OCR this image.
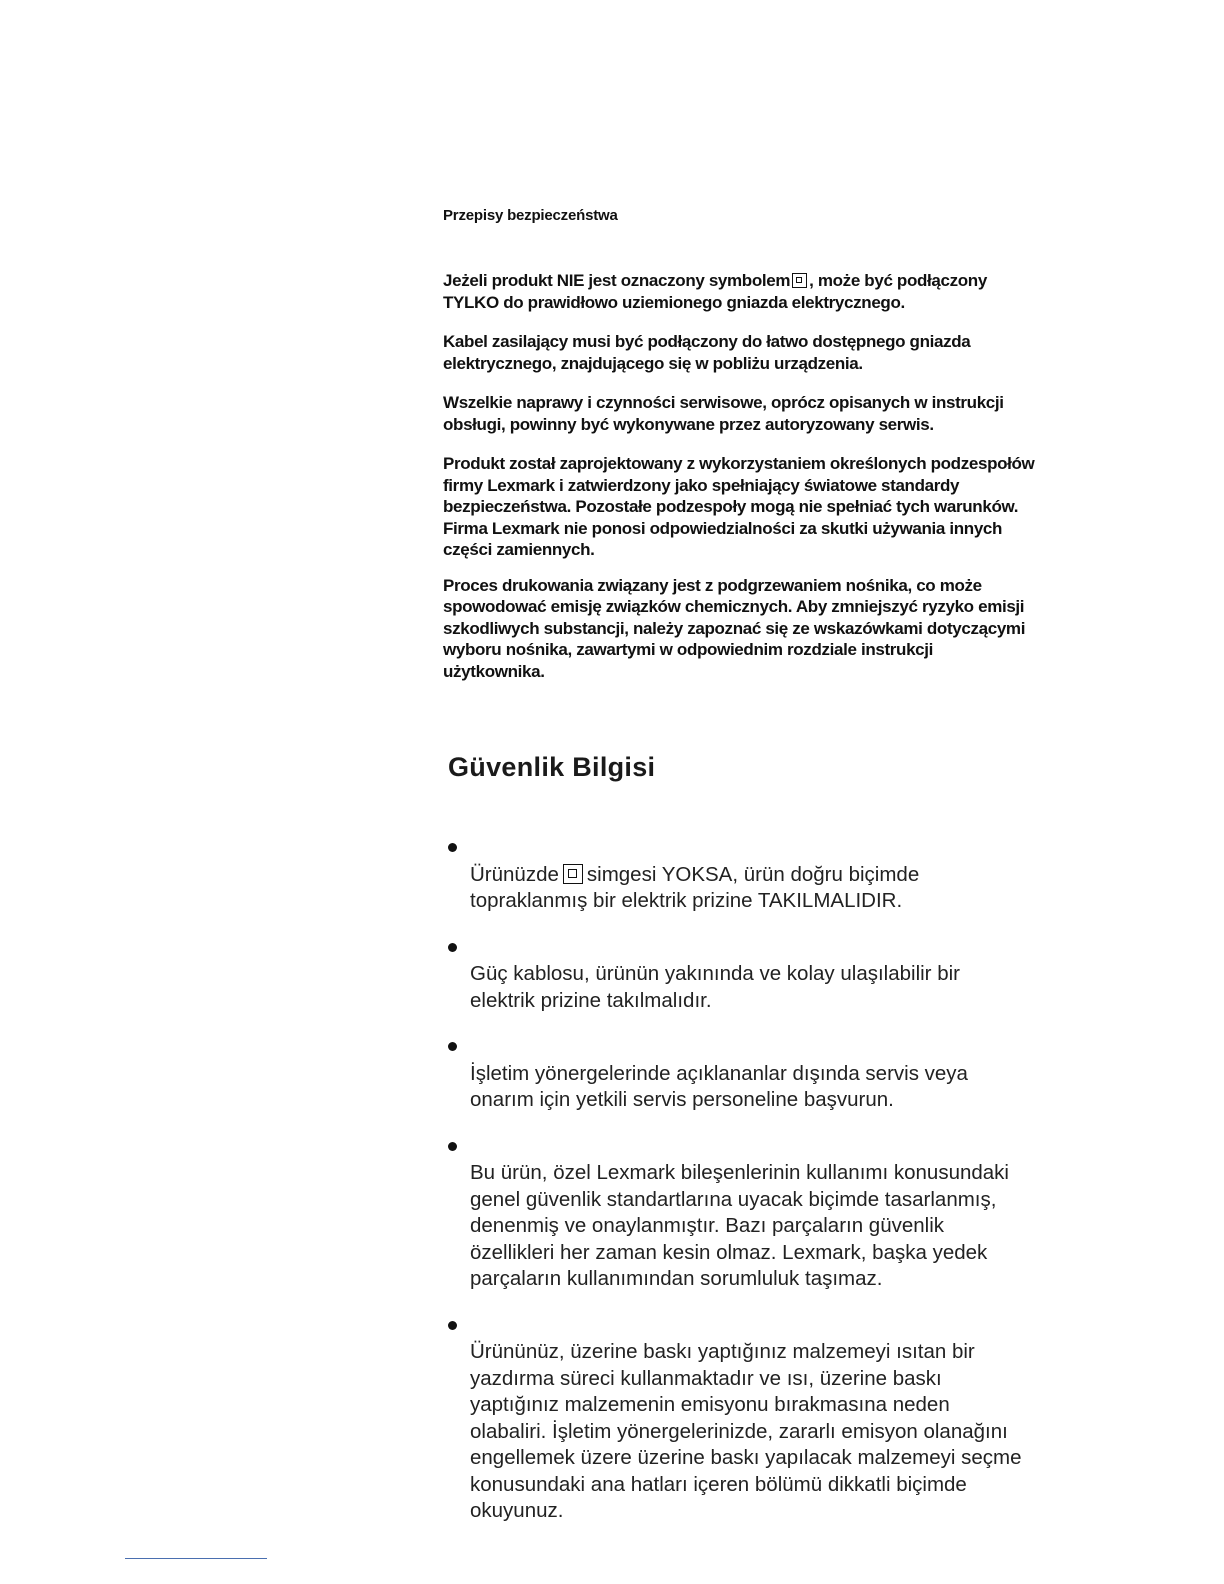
Przepisy bezpieczeństwa

Jeżeli produkt NIE jest oznaczony symbolem , może być podłączony
TYLKO do prawidłowo uziemionego gniazda elektrycznego.

Kabel zasilający musi być podłączony do łatwo dostępnego gniazda
elektrycznego, znajdującego się w pobliżu urządzenia.

Wszelkie naprawy i czynności serwisowe, oprócz opisanych w instrukcji
obsługi, powinny być wykonywane przez autoryzowany serwis.

Produkt został zaprojektowany z wykorzystaniem określonych podzespołów
firmy Lexmark i zatwierdzony jako spełniający światowe standardy
bezpieczeństwa. Pozostałe podzespoły mogą nie spełniać tych warunków.
Firma Lexmark nie ponosi odpowiedzialności za skutki używania innych
części zamiennych.

Proces drukowania związany jest z podgrzewaniem nośnika, co może
spowodować emisję związków chemicznych. Aby zmniejszyć ryzyko emisji
szkodliwych substancji, należy zapoznać się ze wskazówkami dotyczącymi
wyboru nośnika, zawartymi w odpowiednim rozdziale instrukcji
użytkownika.

Güvenlik Bilgisi

Ürünüzde simgesi YOKSA, ürün doğru biçimde
topraklanmış bir elektrik prizine TAKILMALIDIR.

Güç kablosu, ürünün yakınında ve kolay ulaşılabilir bir
elektrik prizine takılmalıdır.

İşletim yönergelerinde açıklananlar dışında servis veya
onarım için yetkili servis personeline başvurun.

Bu ürün, özel Lexmark bileşenlerinin kullanımı konusundaki
genel güvenlik standartlarına uyacak biçimde tasarlanmış,
denenmiş ve onaylanmıştır. Bazı parçaların güvenlik
özellikleri her zaman kesin olmaz. Lexmark, başka yedek
parçaların kullanımından sorumluluk taşımaz.

Ürününüz, üzerine baskı yaptığınız malzemeyi ısıtan bir
yazdırma süreci kullanmaktadır ve ısı, üzerine baskı
yaptığınız malzemenin emisyonu bırakmasına neden
olabaliri. İşletim yönergelerinizde, zararlı emisyon olanağını
engellemek üzere üzerine baskı yapılacak malzemeyi seçme
konusundaki ana hatları içeren bölümü dikkatli biçimde
okuyunuz.
